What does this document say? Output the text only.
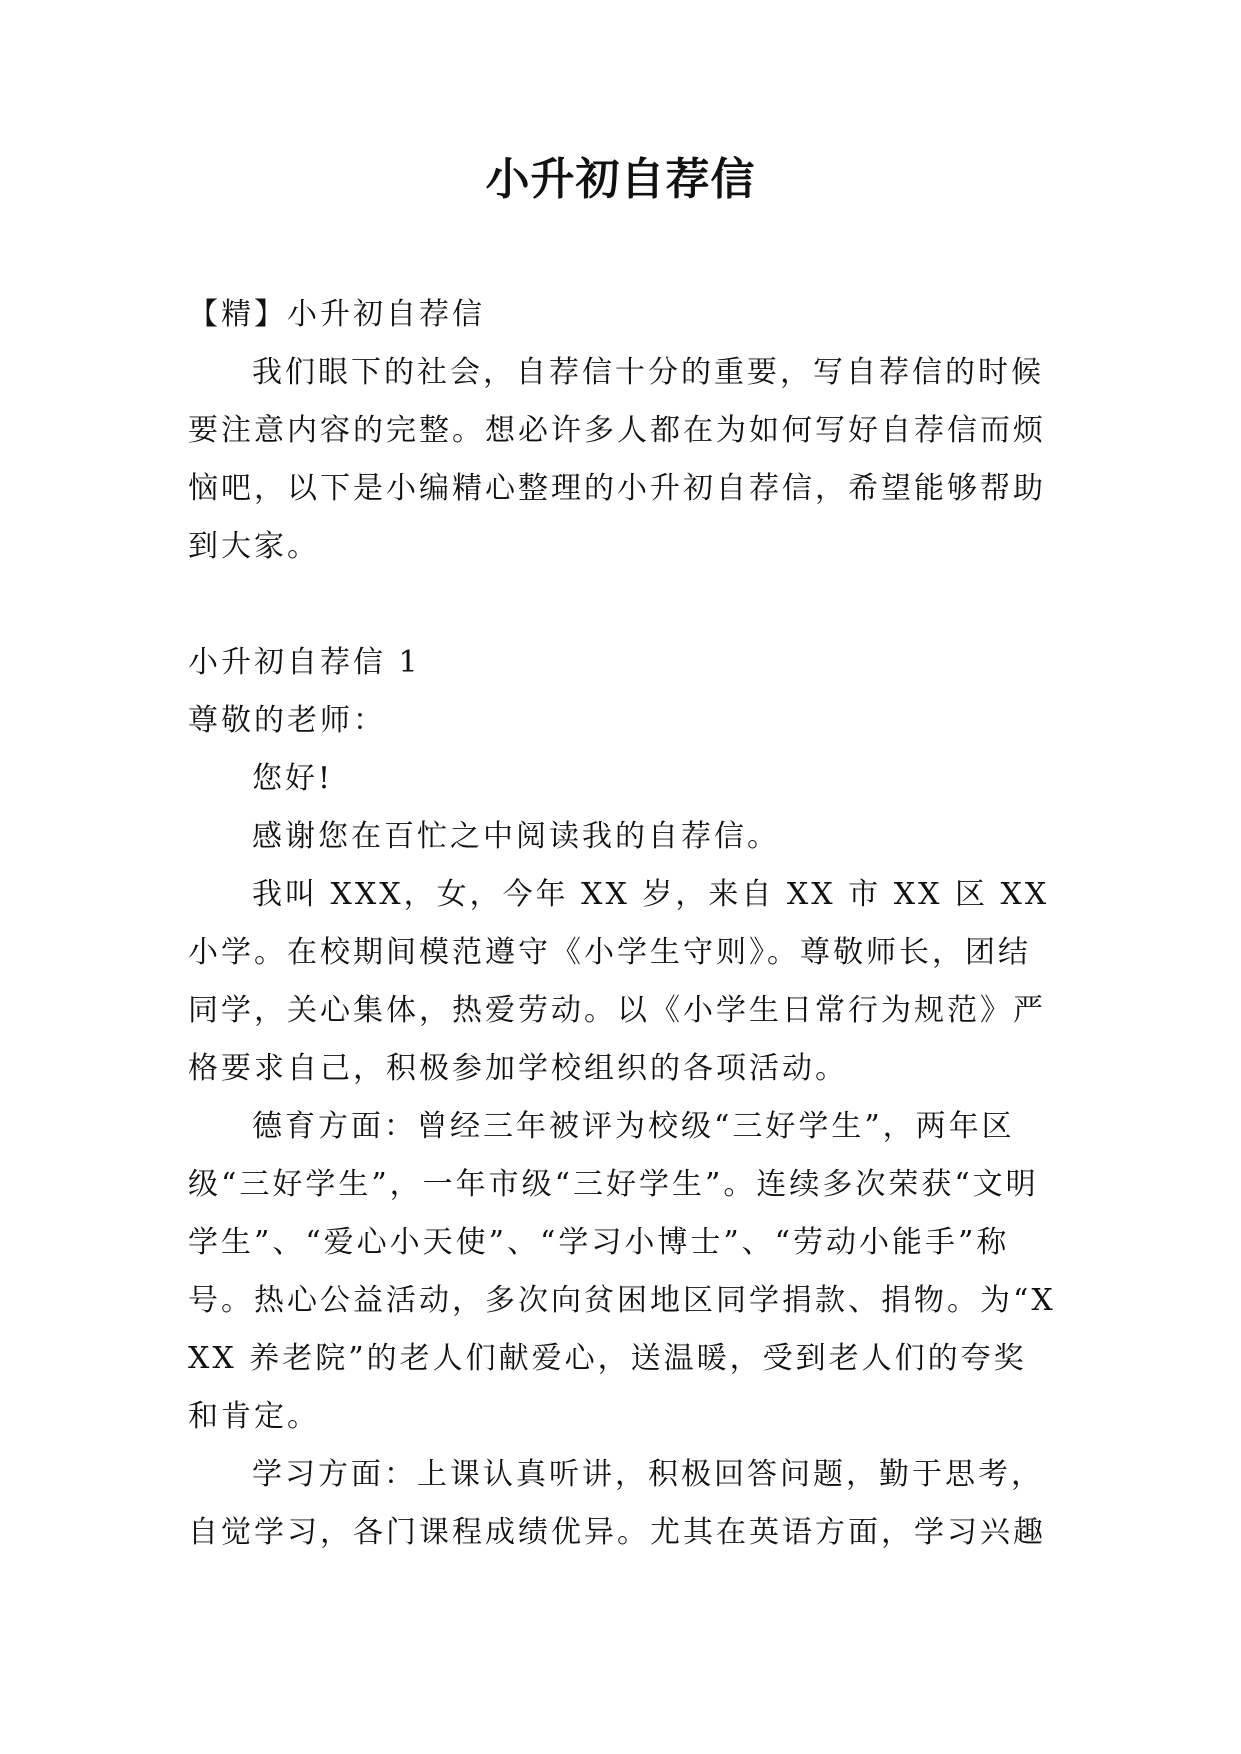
小升初自荐信

【精】小升初自荐信

我们眼下的社会，自荐信十分的重要，写自荐信的时候要注意内容的完整。想必许多人都在为如何写好自荐信而烦恼吧，以下是小编精心整理的小升初自荐信，希望能够帮助到大家。

小升初自荐信 1

尊敬的老师：

您好!

感谢您在百忙之中阅读我的自荐信。

我叫 XXX，女，今年 XX 岁，来自 XX 市 XX 区 XX 小学。在校期间模范遵守《小学生守则》。尊敬师长，团结同学，关心集体，热爱劳动。以《小学生日常行为规范》严格要求自己，积极参加学校组织的各项活动。

德育方面：曾经三年被评为校级“三好学生”，两年区级“三好学生”，一年市级“三好学生”。连续多次荣获“文明学生”、“爱心小天使”、“学习小博士”、“劳动小能手”称号。热心公益活动，多次向贫困地区同学捐款、捐物。为“XXX 养老院”的老人们献爱心，送温暖，受到老人们的夸奖和肯定。

学习方面：上课认真听讲，积极回答问题，勤于思考，自觉学习，各门课程成绩优异。尤其在英语方面，学习兴趣
